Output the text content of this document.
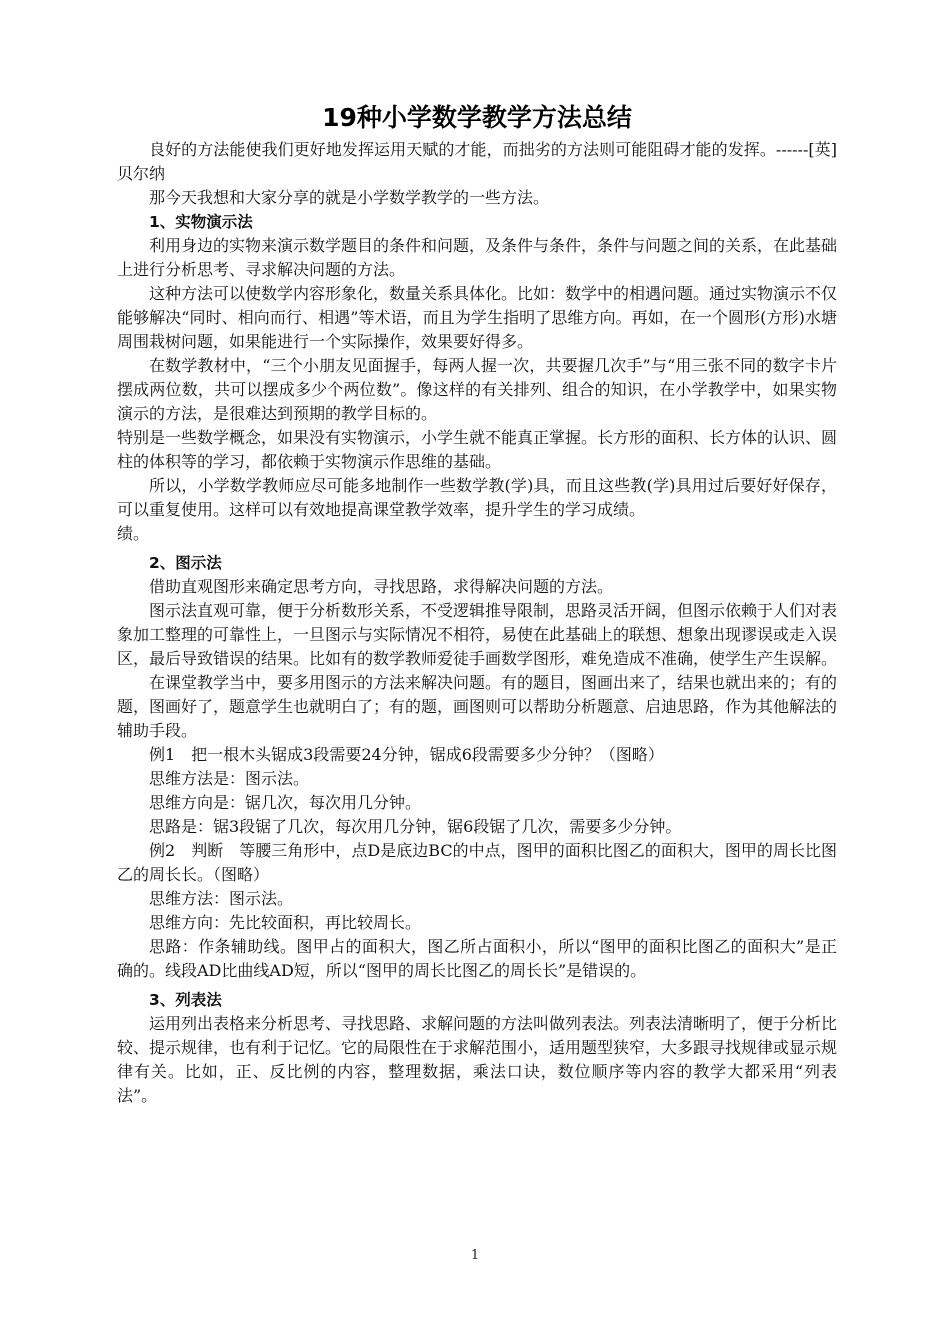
19种小学数学教学方法总结

良好的方法能使我们更好地发挥运用天赋的才能，而拙劣的方法则可能阻碍才能的发挥。------[英]贝尔纳

那今天我想和大家分享的就是小学数学教学的一些方法。

1、实物演示法

利用身边的实物来演示数学题目的条件和问题，及条件与条件，条件与问题之间的关系，在此基础上进行分析思考、寻求解决问题的方法。

这种方法可以使数学内容形象化，数量关系具体化。比如：数学中的相遇问题。通过实物演示不仅能够解决“同时、相向而行、相遇”等术语，而且为学生指明了思维方向。再如，在一个圆形(方形)水塘周围栽树问题，如果能进行一个实际操作，效果要好得多。

在数学教材中，“三个小朋友见面握手，每两人握一次，共要握几次手”与“用三张不同的数字卡片摆成两位数，共可以摆成多少个两位数”。像这样的有关排列、组合的知识，在小学教学中，如果实物演示的方法，是很难达到预期的教学目标的。

特别是一些数学概念，如果没有实物演示，小学生就不能真正掌握。长方形的面积、长方体的认识、圆柱的体积等的学习，都依赖于实物演示作思维的基础。

所以，小学数学教师应尽可能多地制作一些数学教(学)具，而且这些教(学)具用过后要好好保存，可以重复使用。这样可以有效地提高课堂教学效率，提升学生的学习成绩。

绩。

2、图示法

借助直观图形来确定思考方向，寻找思路，求得解决问题的方法。

图示法直观可靠，便于分析数形关系，不受逻辑推导限制，思路灵活开阔，但图示依赖于人们对表象加工整理的可靠性上，一旦图示与实际情况不相符，易使在此基础上的联想、想象出现谬误或走入误区，最后导致错误的结果。比如有的数学教师爱徒手画数学图形，难免造成不准确，使学生产生误解。

在课堂教学当中，要多用图示的方法来解决问题。有的题目，图画出来了，结果也就出来的；有的题，图画好了，题意学生也就明白了；有的题，画图则可以帮助分析题意、启迪思路，作为其他解法的辅助手段。

例1　把一根木头锯成3段需要24分钟，锯成6段需要多少分钟？（图略）

思维方法是：图示法。

思维方向是：锯几次，每次用几分钟。

思路是：锯3段锯了几次，每次用几分钟，锯6段锯了几次，需要多少分钟。

例2　判断　等腰三角形中，点D是底边BC的中点，图甲的面积比图乙的面积大，图甲的周长比图乙的周长长。（图略）

思维方法：图示法。

思维方向：先比较面积，再比较周长。

思路：作条辅助线。图甲占的面积大，图乙所占面积小，所以“图甲的面积比图乙的面积大”是正确的。线段AD比曲线AD短，所以“图甲的周长比图乙的周长长”是错误的。

3、列表法

运用列出表格来分析思考、寻找思路、求解问题的方法叫做列表法。列表法清晰明了，便于分析比较、提示规律，也有利于记忆。它的局限性在于求解范围小，适用题型狭窄，大多跟寻找规律或显示规律有关。比如，正、反比例的内容，整理数据，乘法口诀，数位顺序等内容的教学大都采用“列表法”。

1
